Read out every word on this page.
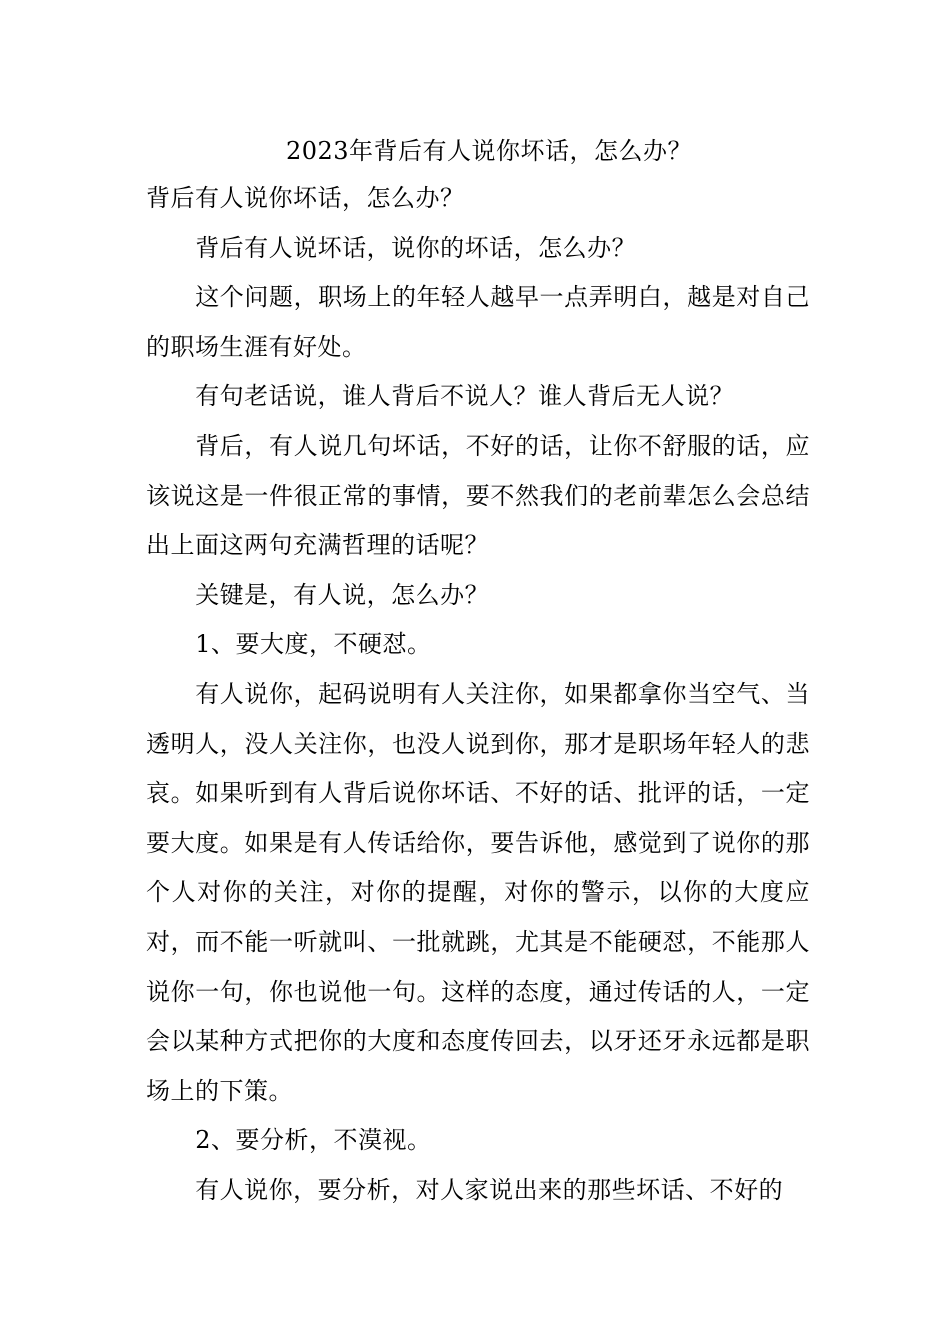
2023年背后有人说你坏话，怎么办？

背后有人说你坏话，怎么办？

背后有人说坏话，说你的坏话，怎么办？

这个问题，职场上的年轻人越早一点弄明白，越是对自己的职场生涯有好处。

有句老话说，谁人背后不说人？谁人背后无人说？

背后，有人说几句坏话，不好的话，让你不舒服的话，应该说这是一件很正常的事情，要不然我们的老前辈怎么会总结出上面这两句充满哲理的话呢？

关键是，有人说，怎么办？

1、要大度，不硬怼。

有人说你，起码说明有人关注你，如果都拿你当空气、当透明人，没人关注你，也没人说到你，那才是职场年轻人的悲哀。如果听到有人背后说你坏话、不好的话、批评的话，一定要大度。如果是有人传话给你，要告诉他，感觉到了说你的那个人对你的关注，对你的提醒，对你的警示，以你的大度应对，而不能一听就叫、一批就跳，尤其是不能硬怼，不能那人说你一句，你也说他一句。这样的态度，通过传话的人，一定会以某种方式把你的大度和态度传回去，以牙还牙永远都是职场上的下策。

2、要分析，不漠视。

有人说你，要分析，对人家说出来的那些坏话、不好的
